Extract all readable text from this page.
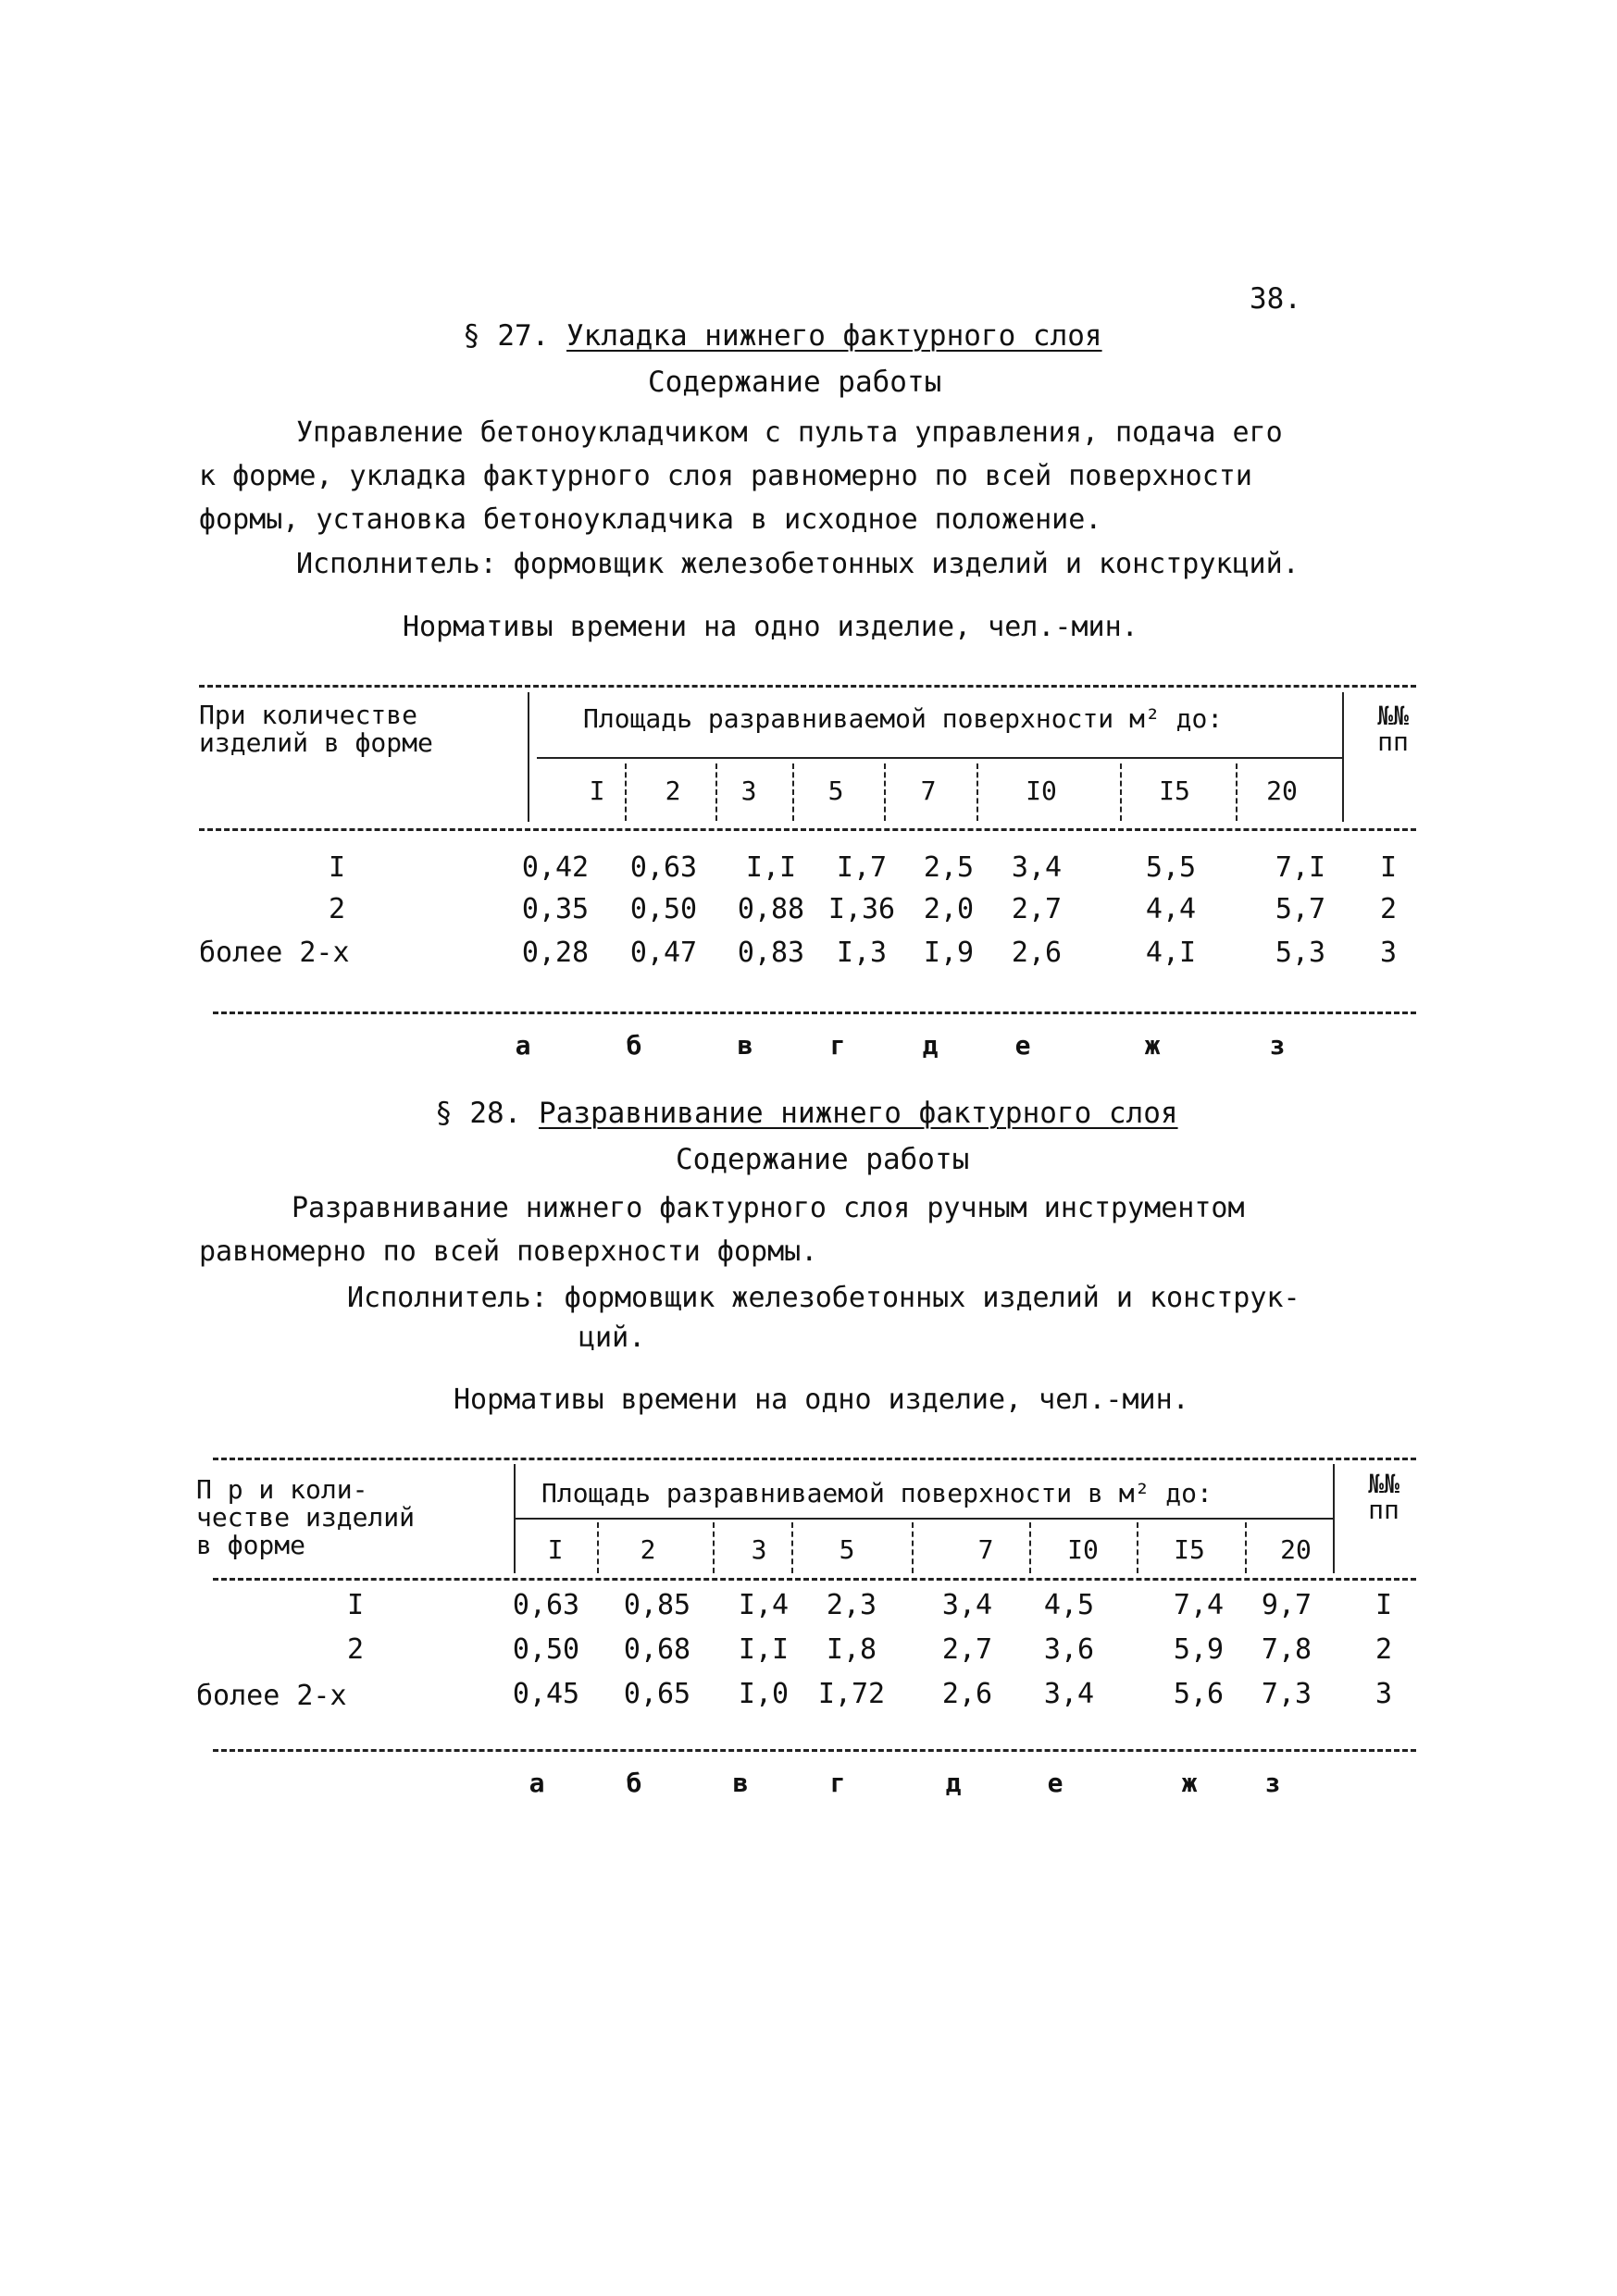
38.
§ 27. Укладка нижнего фактурного слоя
Содержание работы
Управление бетоноукладчиком с пульта управления, подача его
к форме, укладка фактурного слоя равномерно по всей поверхности
формы, установка бетоноукладчика в исходное положение.
Исполнитель: формовщик железобетонных изделий и конструкций.
Нормативы времени на одно изделие, чел.-мин.
При количестве
изделий в форме
Площадь разравниваемой поверхности м² до:	№№ пп
I	2	3	5	7	I0	I5	20
I	0,42 0,63	I,I	I,7	2,5	3,4	5,5	7,I	I
2	0,35 0,50 0,88 I,36	2,0	2,7	4,4	5,7	2
более 2-х	0,28 0,47 0,83	I,3	I,9	2,6	4,I	5,3	3
а	б	в	г	д	е	ж	з
§ 28. Разравнивание нижнего фактурного слоя
Содержание работы
Разравнивание нижнего фактурного слоя ручным инструментом
равномерно по всей поверхности формы.
Исполнитель: формовщик железобетонных изделий и конструк-
ций.
Нормативы времени на одно изделие, чел.-мин.
П р и коли-
честве изделий
в форме
Площадь разравниваемой поверхности в м² до:	№№ пп
I	2	3	5	7	I0	I5	20
I	0,63 0,85	I,4	2,3	3,4	4,5	7,4	9,7	I
2	0,50 0,68	I,I	I,8	2,7	3,6	5,9	7,8	2
более 2-х	0,45 0,65	I,0	I,72	2,6	3,4	5,6	7,3	3
а	б	в	г	д	е	ж	з
